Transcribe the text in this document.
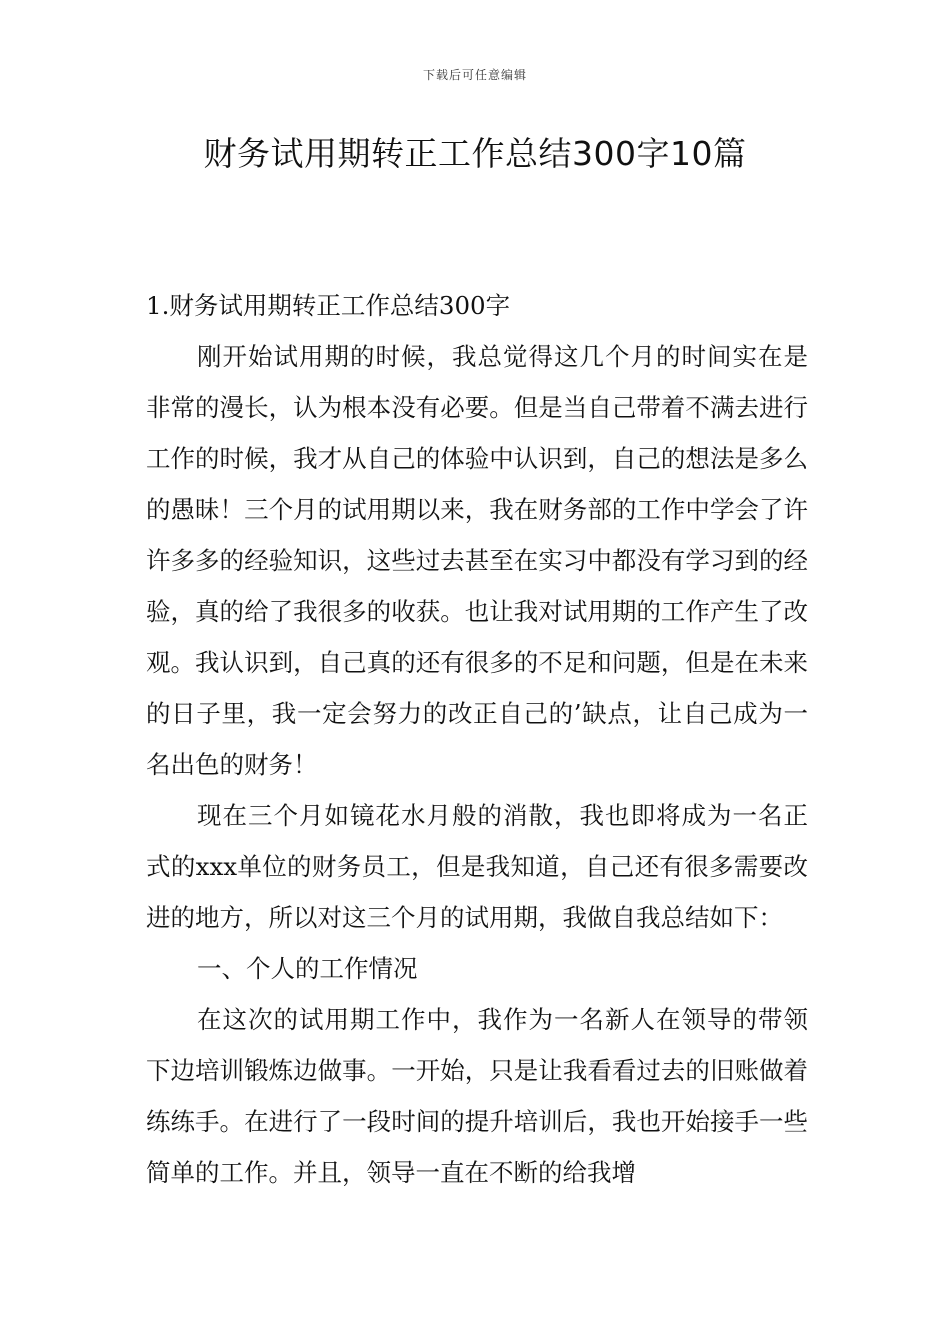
下载后可任意编辑
财务试用期转正工作总结300字10篇

1.财务试用期转正工作总结300字

刚开始试用期的时候，我总觉得这几个月的时间实在是非常的漫长，认为根本没有必要。但是当自己带着不满去进行工作的时候，我才从自己的体验中认识到，自己的想法是多么的愚昧！三个月的试用期以来，我在财务部的工作中学会了许许多多的经验知识，这些过去甚至在实习中都没有学习到的经验，真的给了我很多的收获。也让我对试用期的工作产生了改观。我认识到，自己真的还有很多的不足和问题，但是在未来的日子里，我一定会努力的改正自己的’缺点，让自己成为一名出色的财务！

现在三个月如镜花水月般的消散，我也即将成为一名正式的xxx单位的财务员工，但是我知道，自己还有很多需要改进的地方，所以对这三个月的试用期，我做自我总结如下：

一、个人的工作情况

在这次的试用期工作中，我作为一名新人在领导的带领下边培训锻炼边做事。一开始，只是让我看看过去的旧账做着练练手。在进行了一段时间的提升培训后，我也开始接手一些简单的工作。并且，领导一直在不断的给我增
